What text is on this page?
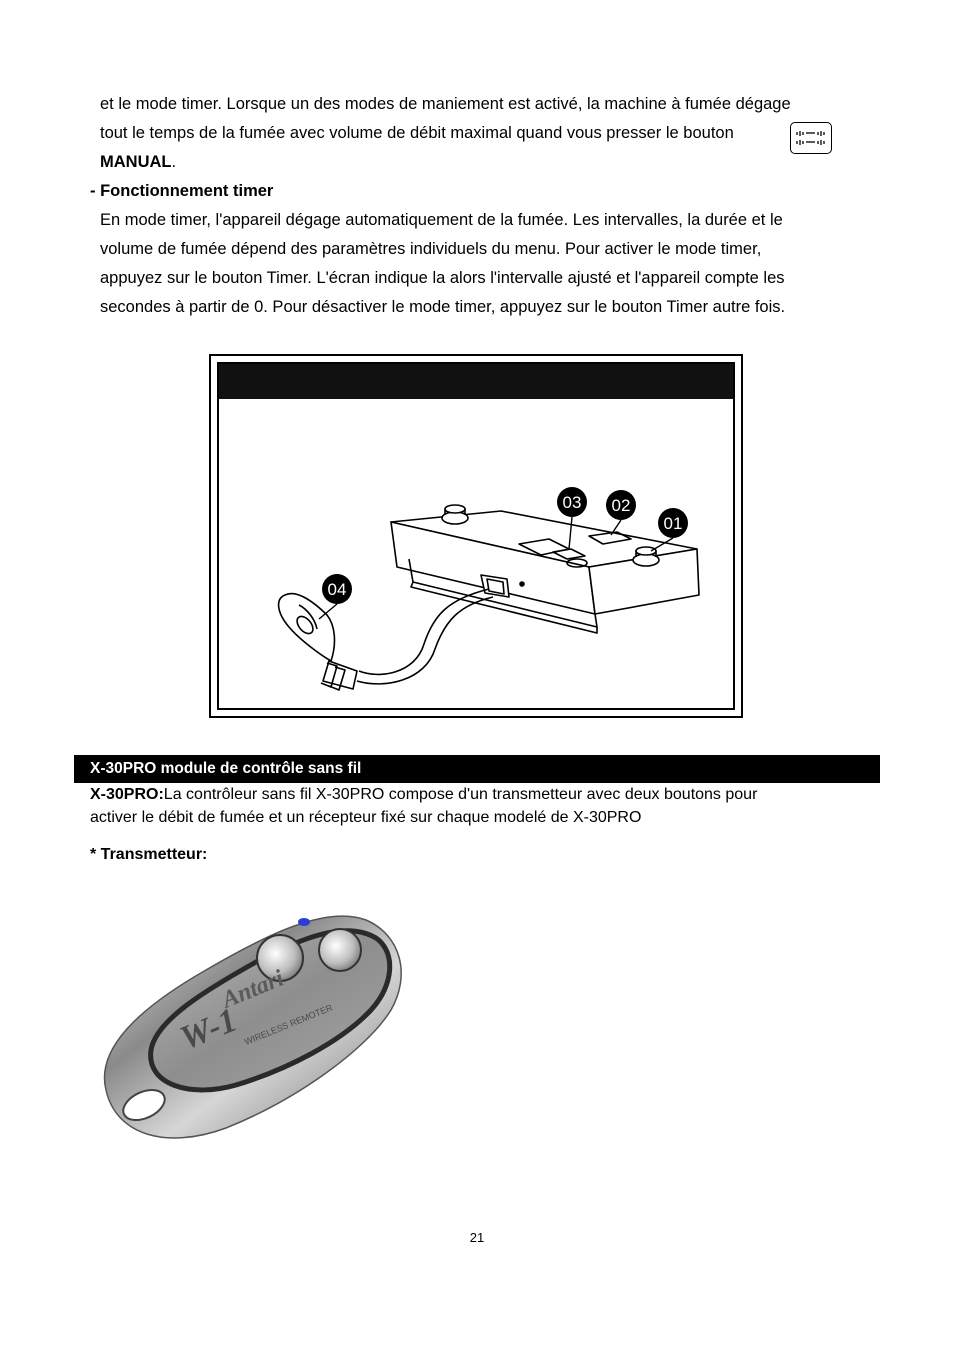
et le mode timer. Lorsque un des modes de maniement est activé, la machine à fumée dégage
tout le temps de la fumée avec volume de débit maximal quand vous presser le bouton
MANUAL.
- Fonctionnement timer
En mode timer, l'appareil dégage automatiquement de la fumée. Les intervalles, la durée et le
volume de fumée dépend des paramètres individuels du menu. Pour activer le mode timer,
appuyez sur le bouton Timer. L'écran indique la alors l'intervalle ajusté et l'appareil compte les
secondes à partir de 0. Pour désactiver le mode timer, appuyez sur le bouton Timer autre fois.
01
02
03
04
X-30PRO module de contrôle sans fil
X-30PRO:La contrôleur sans fil X-30PRO compose d'un transmetteur avec deux boutons pour
activer le débit de fumée et un récepteur fixé sur chaque modelé de X-30PRO
* Transmetteur:
Antari
W-1 WIRELESS REMOTER
21
